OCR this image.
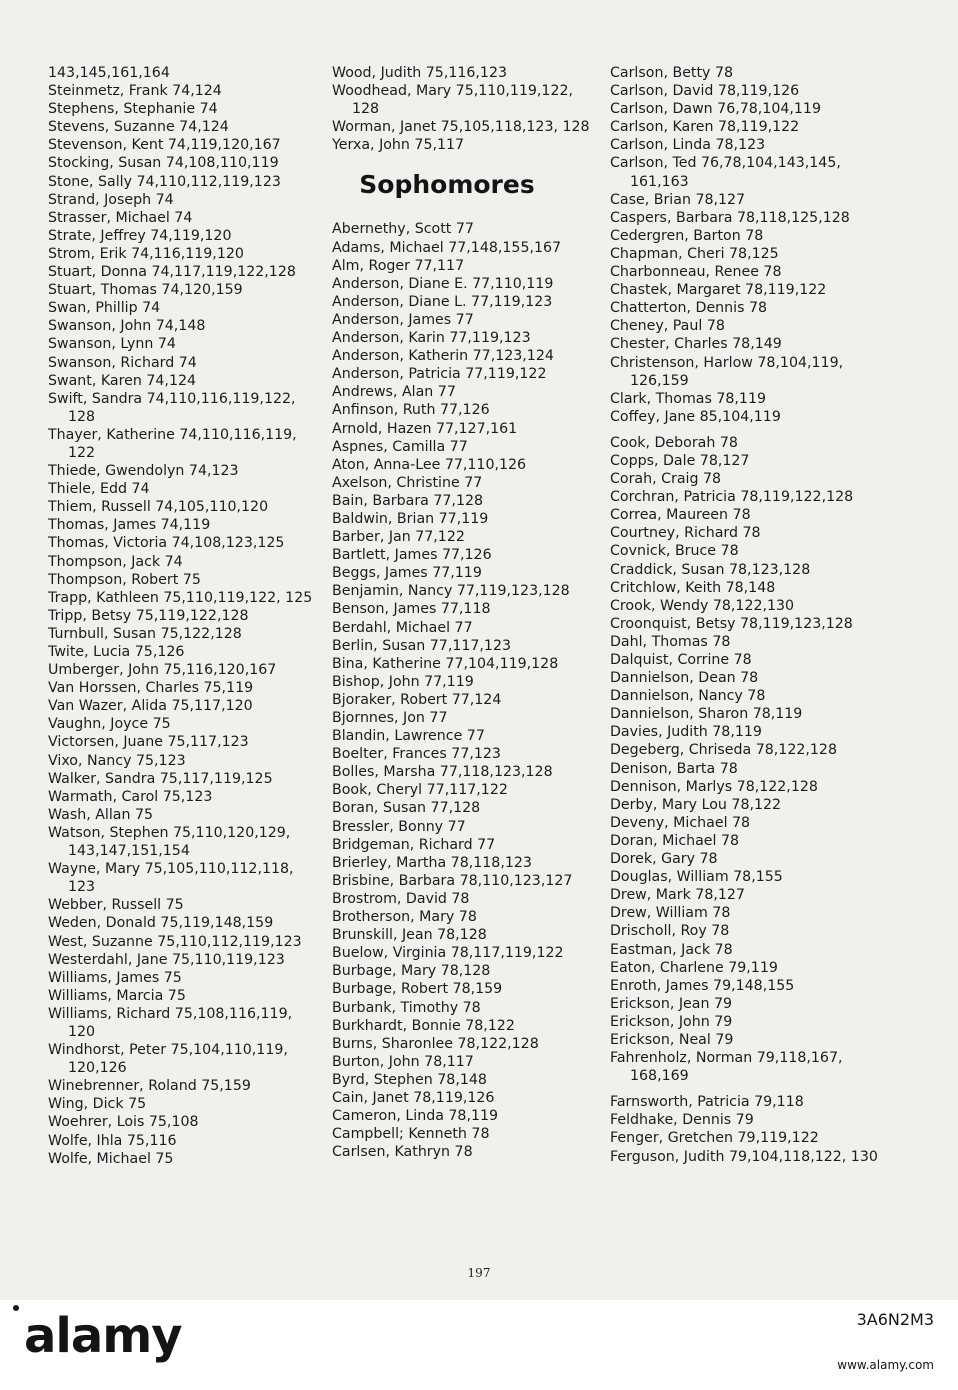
143,145,161,164
Steinmetz, Frank 74,124
Stephens, Stephanie 74
Stevens, Suzanne 74,124
Stevenson, Kent 74,119,120,167
Stocking, Susan 74,108,110,119
Stone, Sally 74,110,112,119,123
Strand, Joseph 74
Strasser, Michael 74
Strate, Jeffrey 74,119,120
Strom, Erik 74,116,119,120
Stuart, Donna 74,117,119,122,128
Stuart, Thomas 74,120,159
Swan, Phillip 74
Swanson, John 74,148
Swanson, Lynn 74
Swanson, Richard 74
Swant, Karen 74,124
Swift, Sandra 74,110,116,119,122, 128
Thayer, Katherine 74,110,116,119, 122
Thiede, Gwendolyn 74,123
Thiele, Edd 74
Thiem, Russell 74,105,110,120
Thomas, James 74,119
Thomas, Victoria 74,108,123,125
Thompson, Jack 74
Thompson, Robert 75
Trapp, Kathleen 75,110,119,122, 125
Tripp, Betsy 75,119,122,128
Turnbull, Susan 75,122,128
Twite, Lucia 75,126
Umberger, John 75,116,120,167
Van Horssen, Charles 75,119
Van Wazer, Alida 75,117,120
Vaughn, Joyce 75
Victorsen, Juane 75,117,123
Vixo, Nancy 75,123
Walker, Sandra 75,117,119,125
Warmath, Carol 75,123
Wash, Allan 75
Watson, Stephen 75,110,120,129, 143,147,151,154
Wayne, Mary 75,105,110,112,118, 123
Webber, Russell 75
Weden, Donald 75,119,148,159
West, Suzanne 75,110,112,119,123
Westerdahl, Jane 75,110,119,123
Williams, James 75
Williams, Marcia 75
Williams, Richard 75,108,116,119, 120
Windhorst, Peter 75,104,110,119, 120,126
Winebrenner, Roland 75,159
Wing, Dick 75
Woehrer, Lois 75,108
Wolfe, Ihla 75,116
Wolfe, Michael 75
Wood, Judith 75,116,123
Woodhead, Mary 75,110,119,122, 128
Worman, Janet 75,105,118,123, 128
Yerxa, John 75,117
Sophomores
Abernethy, Scott 77
Adams, Michael 77,148,155,167
Alm, Roger 77,117
Anderson, Diane E. 77,110,119
Anderson, Diane L. 77,119,123
Anderson, James 77
Anderson, Karin 77,119,123
Anderson, Katherin 77,123,124
Anderson, Patricia 77,119,122
Andrews, Alan 77
Anfinson, Ruth 77,126
Arnold, Hazen 77,127,161
Aspnes, Camilla 77
Aton, Anna-Lee 77,110,126
Axelson, Christine 77
Bain, Barbara 77,128
Baldwin, Brian 77,119
Barber, Jan 77,122
Bartlett, James 77,126
Beggs, James 77,119
Benjamin, Nancy 77,119,123,128
Benson, James 77,118
Berdahl, Michael 77
Berlin, Susan 77,117,123
Bina, Katherine 77,104,119,128
Bishop, John 77,119
Bjoraker, Robert 77,124
Bjornnes, Jon 77
Blandin, Lawrence 77
Boelter, Frances 77,123
Bolles, Marsha 77,118,123,128
Book, Cheryl 77,117,122
Boran, Susan 77,128
Bressler, Bonny 77
Bridgeman, Richard 77
Brierley, Martha 78,118,123
Brisbine, Barbara 78,110,123,127
Brostrom, David 78
Brotherson, Mary 78
Brunskill, Jean 78,128
Buelow, Virginia 78,117,119,122
Burbage, Mary 78,128
Burbage, Robert 78,159
Burbank, Timothy 78
Burkhardt, Bonnie 78,122
Burns, Sharonlee 78,122,128
Burton, John 78,117
Byrd, Stephen 78,148
Cain, Janet 78,119,126
Cameron, Linda 78,119
Campbell; Kenneth 78
Carlsen, Kathryn 78
Carlson, Betty 78
Carlson, David 78,119,126
Carlson, Dawn 76,78,104,119
Carlson, Karen 78,119,122
Carlson, Linda 78,123
Carlson, Ted 76,78,104,143,145, 161,163
Case, Brian 78,127
Caspers, Barbara 78,118,125,128
Cedergren, Barton 78
Chapman, Cheri 78,125
Charbonneau, Renee 78
Chastek, Margaret 78,119,122
Chatterton, Dennis 78
Cheney, Paul 78
Chester, Charles 78,149
Christenson, Harlow 78,104,119, 126,159
Clark, Thomas 78,119
Coffey, Jane 85,104,119
Cook, Deborah 78
Copps, Dale 78,127
Corah, Craig 78
Corchran, Patricia 78,119,122,128
Correa, Maureen 78
Courtney, Richard 78
Covnick, Bruce 78
Craddick, Susan 78,123,128
Critchlow, Keith 78,148
Crook, Wendy 78,122,130
Croonquist, Betsy 78,119,123,128
Dahl, Thomas 78
Dalquist, Corrine 78
Dannielson, Dean 78
Dannielson, Nancy 78
Dannielson, Sharon 78,119
Davies, Judith 78,119
Degeberg, Chriseda 78,122,128
Denison, Barta 78
Dennison, Marlys 78,122,128
Derby, Mary Lou 78,122
Deveny, Michael 78
Doran, Michael 78
Dorek, Gary 78
Douglas, William 78,155
Drew, Mark 78,127
Drew, William 78
Drischoll, Roy 78
Eastman, Jack 78
Eaton, Charlene 79,119
Enroth, James 79,148,155
Erickson, Jean 79
Erickson, John 79
Erickson, Neal 79
Fahrenholz, Norman 79,118,167, 168,169
Farnsworth, Patricia 79,118
Feldhake, Dennis 79
Fenger, Gretchen 79,119,122
Ferguson, Judith 79,104,118,122, 130
197
alamy	3A6N2M3
www.alamy.com
